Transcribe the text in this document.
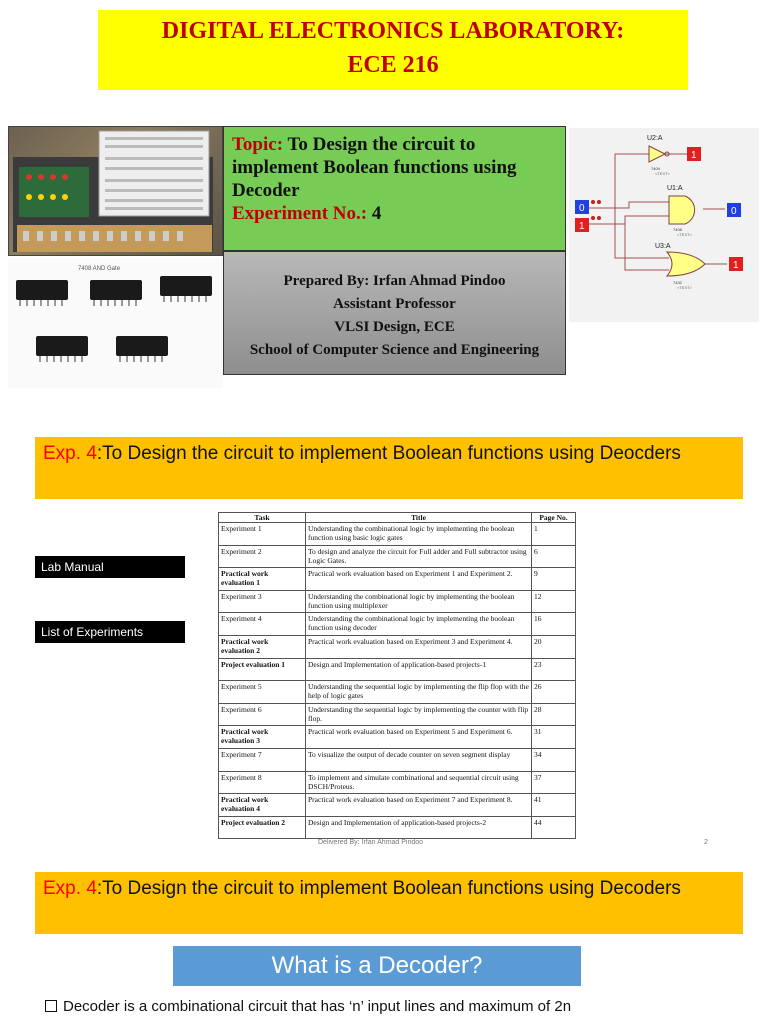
DIGITAL ELECTRONICS LABORATORY:
ECE 216
7408 AND Gate
Topic: To Design the circuit to implement Boolean functions using Decoder
Experiment No.: 4
Prepared By: Irfan Ahmad Pindoo
Assistant Professor
VLSI Design, ECE
School of Computer Science and Engineering
U2:A
7404
<TEXT>
1
U1:A
7408
<TEXT>
0
U3:A
7432
<TEXT>
1
0
1
Exp. 4:To Design the circuit to implement Boolean functions using Deocders
Lab Manual
List of Experiments
Task	Title	Page No.
Experiment 1	Understanding the combinational logic by implementing the boolean function using basic logic gates	1
Experiment 2	To design and analyze the circuit for Full adder and Full subtractor using Logic Gates.	6
Practical work evaluation 1	Practical work evaluation based on Experiment 1 and Experiment 2.	9
Experiment 3	Understanding the combinational logic by implementing the boolean function using multiplexer	12
Experiment 4	Understanding the combinational logic by implementing the boolean function using decoder	16
Practical work evaluation 2	Practical work evaluation based on Experiment 3 and Experiment 4.	20
Project evaluation 1	Design and Implementation of application-based projects-1	23
Experiment 5	Understanding the sequential logic by implementing the flip flop with the help of logic gates	26
Experiment 6	Understanding the sequential logic by implementing the counter with flip flop.	28
Practical work evaluation 3	Practical work evaluation based on Experiment 5 and Experiment 6.	31
Experiment 7	To visualize the output of decade counter on seven segment display	34
Experiment 8	To implement and simulate combinational and sequential circuit using DSCH/Proteus.	37
Practical work evaluation 4	Practical work evaluation based on Experiment 7 and Experiment 8.	41
Project evaluation 2	Design and Implementation of application-based projects-2	44
Delivered By: Irfan Ahmad Pindoo	2
Exp. 4:To Design the circuit to implement Boolean functions using Decoders
What is a Decoder?
Decoder is a combinational circuit that has ‘n’ input lines and maximum of 2n
